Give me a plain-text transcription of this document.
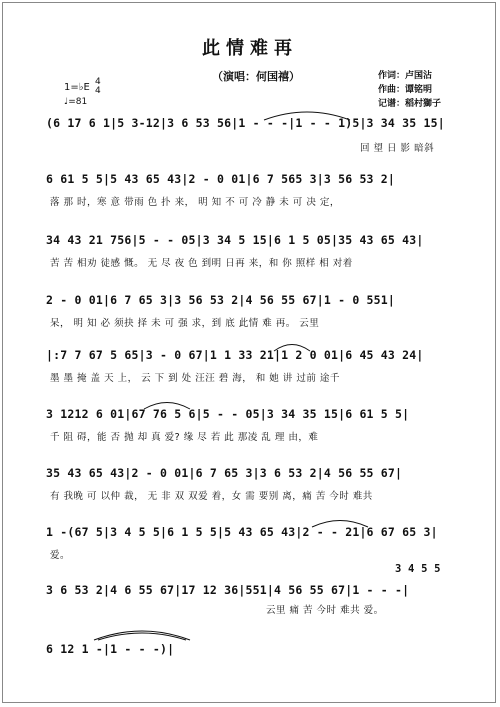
此情难再
（演唱：何国禧）
1=♭E 4
4
♩=81
作词：卢国沾
作曲：谭铭明
记谱：稻村獅子
(6 17 6 1|5 3-12|3 6 53 56|1 - - -|1 - - 1)5|3 34 35 15|
回 望 日 影 暗斜
6 61 5 5|5 43 65 43|2 - 0 01|6 7 565 3|3 56 53 2|
落 那 时，寒 意 带雨 色 扑 来， 明 知 不 可 冷 静 未 可 决 定，
34 43 21 756|5 - - 05|3 34 5 15|6 1 5 05|35 43 65 43|
苦 苦 相劝 徒感 慨。 无 尽 夜 色 到明 日再 来，和 你 照样 相 对着
2 - 0 01|6 7 65 3|3 56 53 2|4 56 55 67|1 - 0 551|
呆， 明 知 必 须抉 择 未 可 强 求，到 底 此情 难 再。 云里
|:7 7 67 5 65|3 - 0 67|1 1 33 21|1 2 0 01|6 45 43 24|
墨 墨 掩 盖 天 上， 云 下 到 处 汪汪 碧 海， 和 她 讲 过前 途千
3 1212 6 01|67 76 5 6|5 - - 05|3 34 35 15|6 61 5 5|
千 阻 碍，能 否 抛 却 真 爱? 缘 尽 若 此 那凌 乱 理 由，难
35 43 65 43|2 - 0 01|6 7 65 3|3 6 53 2|4 56 55 67|
有 我晚 可 以仲 裁， 无 非 双 双爱 着，女 需 要别 离，痛 苦 今时 难共
1 -(67 5|3 4 5 5|6 1 5 5|5 43 65 43|2 - - 21|6 67 65 3|
爱。
3 4 5 5
3 6 53 2|4 6 55 67|17 12 36|551|4 56 55 67|1 - - -|
云里 痛 苦 今时 难共 爱。
6 12 1 -|1 - - -)|
